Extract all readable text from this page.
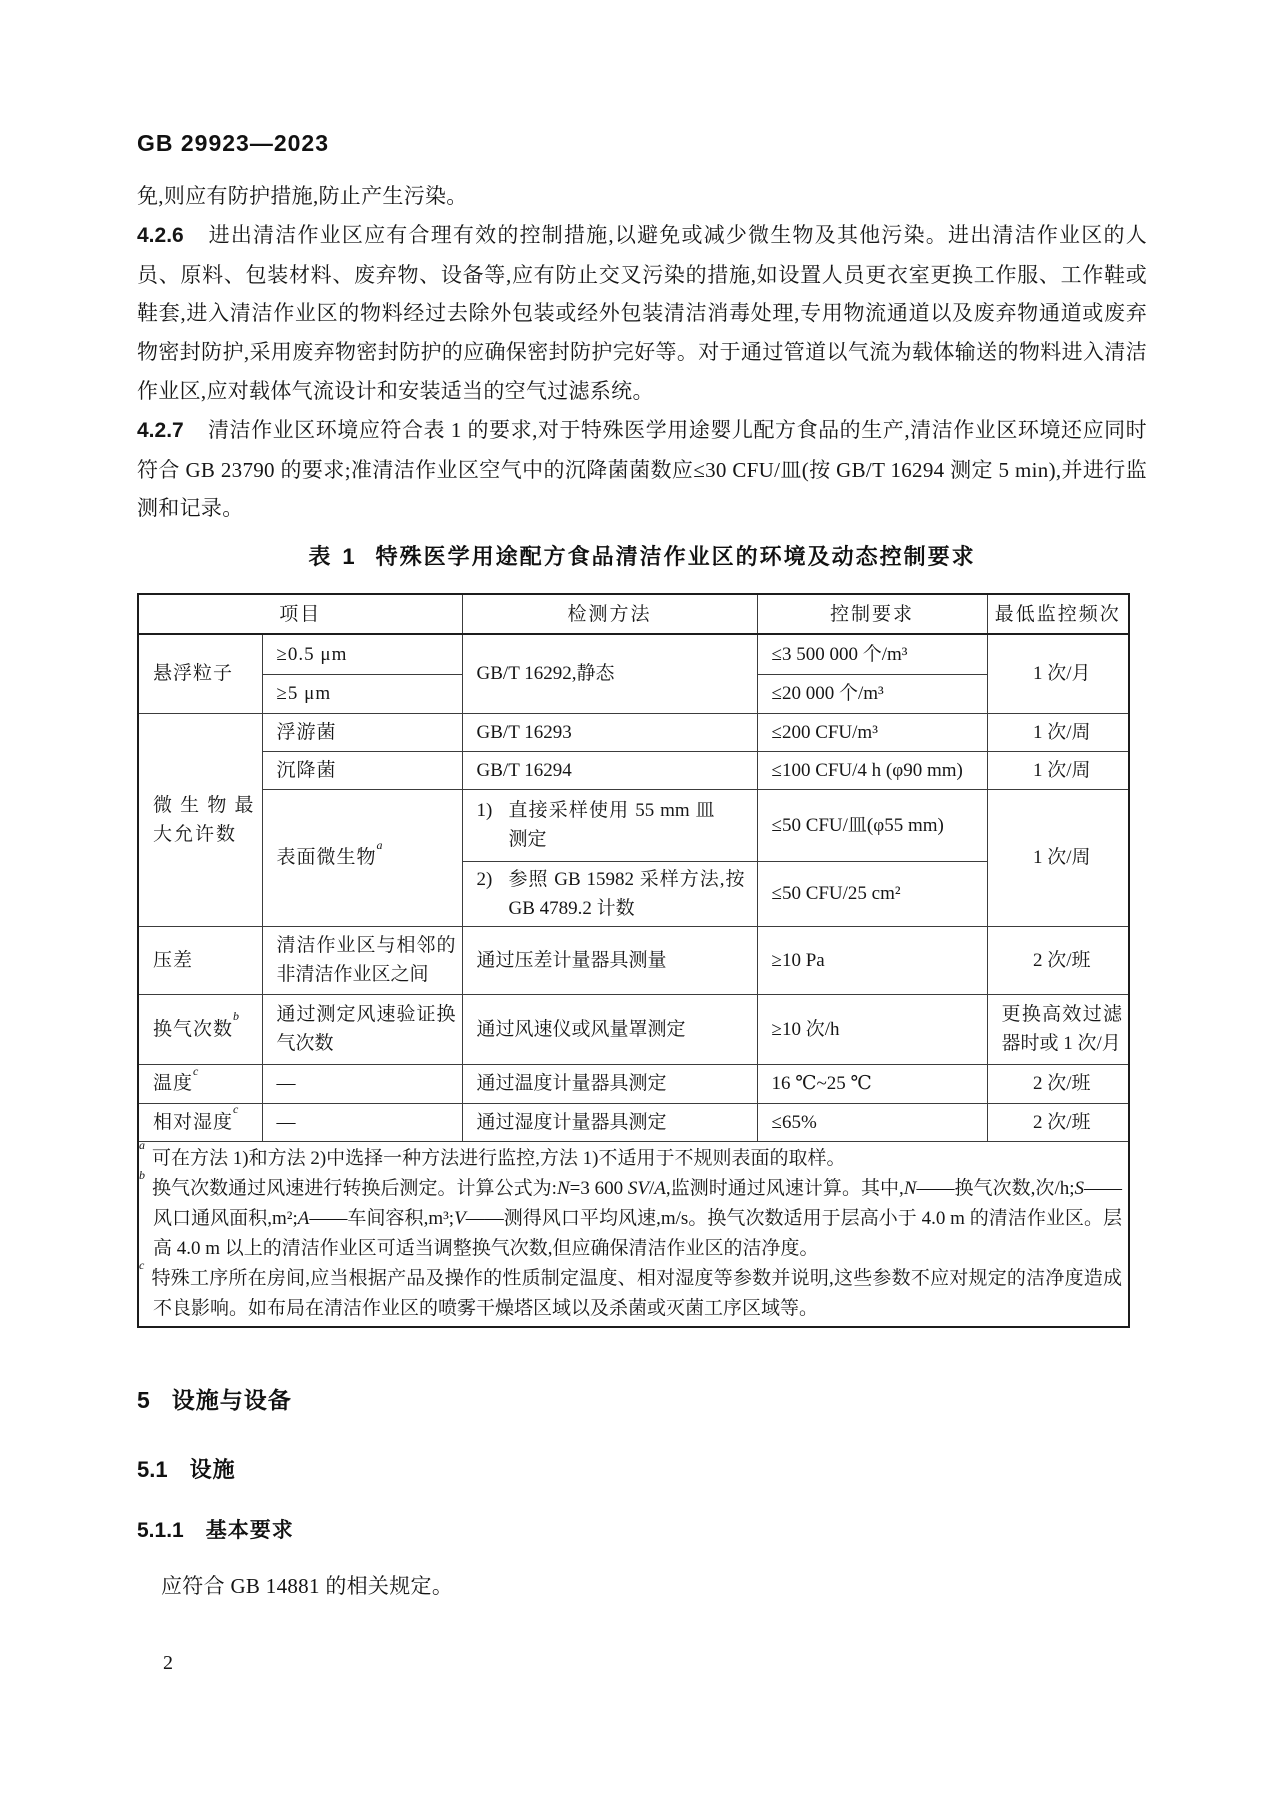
GB 29923—2023

免,则应有防护措施,防止产生污染。

4.2.6 进出清洁作业区应有合理有效的控制措施,以避免或减少微生物及其他污染。进出清洁作业区的人员、原料、包装材料、废弃物、设备等,应有防止交叉污染的措施,如设置人员更衣室更换工作服、工作鞋或鞋套,进入清洁作业区的物料经过去除外包装或经外包装清洁消毒处理,专用物流通道以及废弃物通道或废弃物密封防护,采用废弃物密封防护的应确保密封防护完好等。对于通过管道以气流为载体输送的物料进入清洁作业区,应对载体气流设计和安装适当的空气过滤系统。

4.2.7 清洁作业区环境应符合表 1 的要求,对于特殊医学用途婴儿配方食品的生产,清洁作业区环境还应同时符合 GB 23790 的要求;准清洁作业区空气中的沉降菌菌数应≤30 CFU/皿(按 GB/T 16294 测定 5 min),并进行监测和记录。

表 1 特殊医学用途配方食品清洁作业区的环境及动态控制要求
项目		检测方法	控制要求	最低监控频次
悬浮粒子	≥0.5 μm	GB/T 16292,静态	≤3 500 000 个/m³	1 次/月
	≥5 μm		≤20 000 个/m³	
微生物最大允许数	浮游菌	GB/T 16293	≤200 CFU/m³	1 次/周
	沉降菌	GB/T 16294	≤100 CFU/4 h (φ90 mm)	1 次/周
	表面微生物$^a$	1) 直接采样使用 55 mm 皿测定	≤50 CFU/皿(φ55 mm)	1 次/周

		2) 参照 GB 15982 采样方法,按 GB 4789.2 计数	≤50 CFU/25 cm²	
压差	清洁作业区与相邻的非清洁作业区之间	通过压差计量器具测量	≥10 Pa	2 次/班
换气次数$^b$	通过测定风速验证换气次数	通过风速仪或风量罩测定	≥10 次/h	更换高效过滤器时或 1 次/月
温度$^c$	—	通过温度计量器具测定	16 ℃~25 ℃	2 次/班
相对湿度$^c$	—	通过湿度计量器具测定	≤65%	2 次/班

$^a$可在方法 1)和方法 2)中选择一种方法进行监控,方法 1)不适用于不规则表面的取样。
$^b$换气次数通过风速进行转换后测定。计算公式为:N=3 600 SV/A,监测时通过风速计算。其中,N——换气次数,次/h;S——风口通风面积,m²;A——车间容积,m³;V——测得风口平均风速,m/s。换气次数适用于层高小于 4.0 m 的清洁作业区。层高 4.0 m 以上的清洁作业区可适当调整换气次数,但应确保清洁作业区的洁净度。
$^c$特殊工序所在房间,应当根据产品及操作的性质制定温度、相对湿度等参数并说明,这些参数不应对规定的洁净度造成不良影响。如布局在清洁作业区的喷雾干燥塔区域以及杀菌或灭菌工序区域等。				
5 设施与设备
5.1 设施
5.1.1 基本要求
应符合 GB 14881 的相关规定。
2
